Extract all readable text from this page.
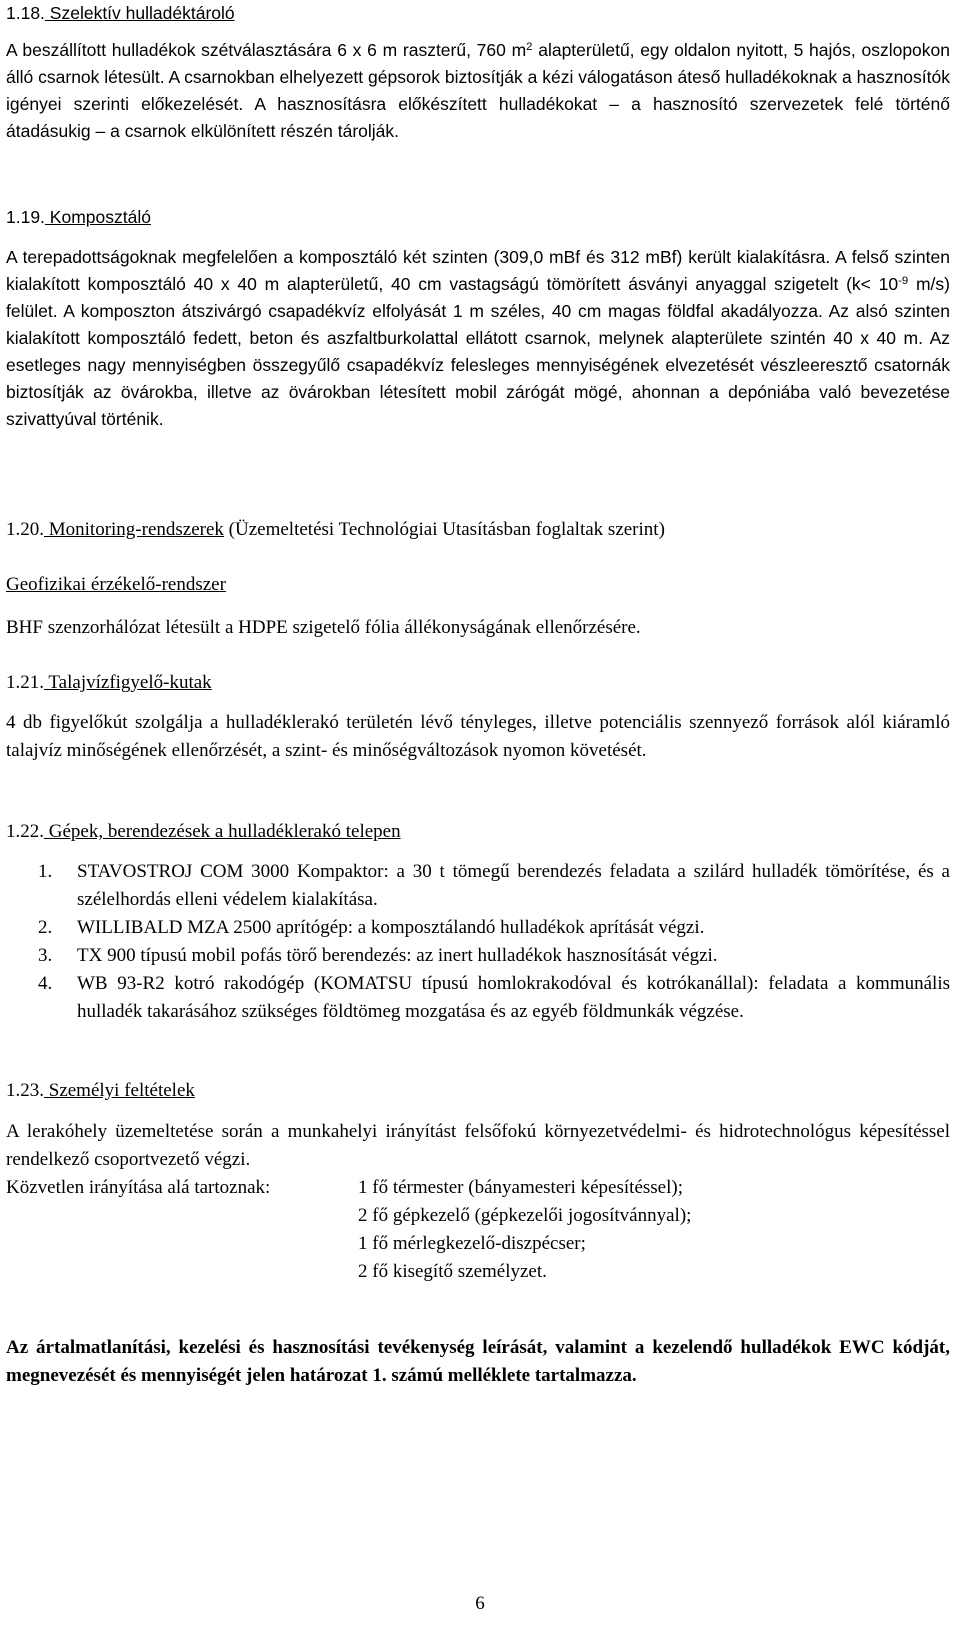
1.18. Szelektív hulladéktároló

A beszállított hulladékok szétválasztására 6 x 6 m raszterű, 760 $m^2$ alapterületű, egy oldalon nyitott, 5 hajós, oszlopokon álló csarnok létesült. A csarnokban elhelyezett gépsorok biztosítják a kézi válogatáson áteső hulladékoknak a hasznosítók igényei szerinti előkezelését. A hasznosításra előkészített hulladékokat – a hasznosító szervezetek felé történő átadásukig – a csarnok elkülönített részén tárolják.

1.19. Komposztáló

A terepadottságoknak megfelelően a komposztáló két szinten (309,0 mBf és 312 mBf) került kialakításra. A felső szinten kialakított komposztáló 40 x 40 m alapterületű, 40 cm vastagságú tömörített ásványi anyaggal szigetelt ($k< 10^{-9}$ m/s) felület. A komposzton átszivárgó csapadékvíz elfolyását 1 m széles, 40 cm magas földfal akadályozza. Az alsó szinten kialakított komposztáló fedett, beton és aszfaltburkolattal ellátott csarnok, melynek alapterülete szintén 40 x 40 m. Az esetleges nagy mennyiségben összegyűlő csapadékvíz felesleges mennyiségének elvezetését vészleeresztő csatornák biztosítják az övárokba, illetve az övárokban létesített mobil zárógát mögé, ahonnan a depóniába való bevezetése szivattyúval történik.

1.20. Monitoring-rendszerek (Üzemeltetési Technológiai Utasításban foglaltak szerint)
Geofizikai érzékelő-rendszer

BHF szenzorhálózat létesült a HDPE szigetelő fólia állékonyságának ellenőrzésére.

1.21. Talajvízfigyelő-kutak

4 db figyelőkút szolgálja a hulladéklerakó területén lévő tényleges, illetve potenciális szennyező források alól kiáramló talajvíz minőségének ellenőrzését, a szint- és minőségváltozások nyomon követését.

1.22. Gépek, berendezések a hulladéklerakó telepen
1. STAVOSTROJ COM 3000 Kompaktor: a 30 t tömegű berendezés feladata a szilárd hulladék tömörítése, és a szélelhordás elleni védelem kialakítása.
2. WILLIBALD MZA 2500 aprítógép: a komposztálandó hulladékok aprítását végzi.
3. TX 900 típusú mobil pofás törő berendezés: az inert hulladékok hasznosítását végzi.
4. WB 93-R2 kotró rakodógép (KOMATSU típusú homlokrakodóval és kotrókanállal): feladata a kommunális hulladék takarásához szükséges földtömeg mozgatása és az egyéb földmunkák végzése.
1.23. Személyi feltételek

A lerakóhely üzemeltetése során a munkahelyi irányítást felsőfokú környezetvédelmi- és hidrotechnológus képesítéssel rendelkező csoportvezető végzi.

Közvetlen irányítása alá tartoznak:	1 fő térmester (bányamesteri képesítéssel);
2 fő gépkezelő (gépkezelői jogosítvánnyal);
1 fő mérlegkezelő-diszpécser;
2 fő kisegítő személyzet.

Az ártalmatlanítási, kezelési és hasznosítási tevékenység leírását, valamint a kezelendő hulladékok EWC kódját, megnevezését és mennyiségét jelen határozat 1. számú melléklete tartalmazza.

6
